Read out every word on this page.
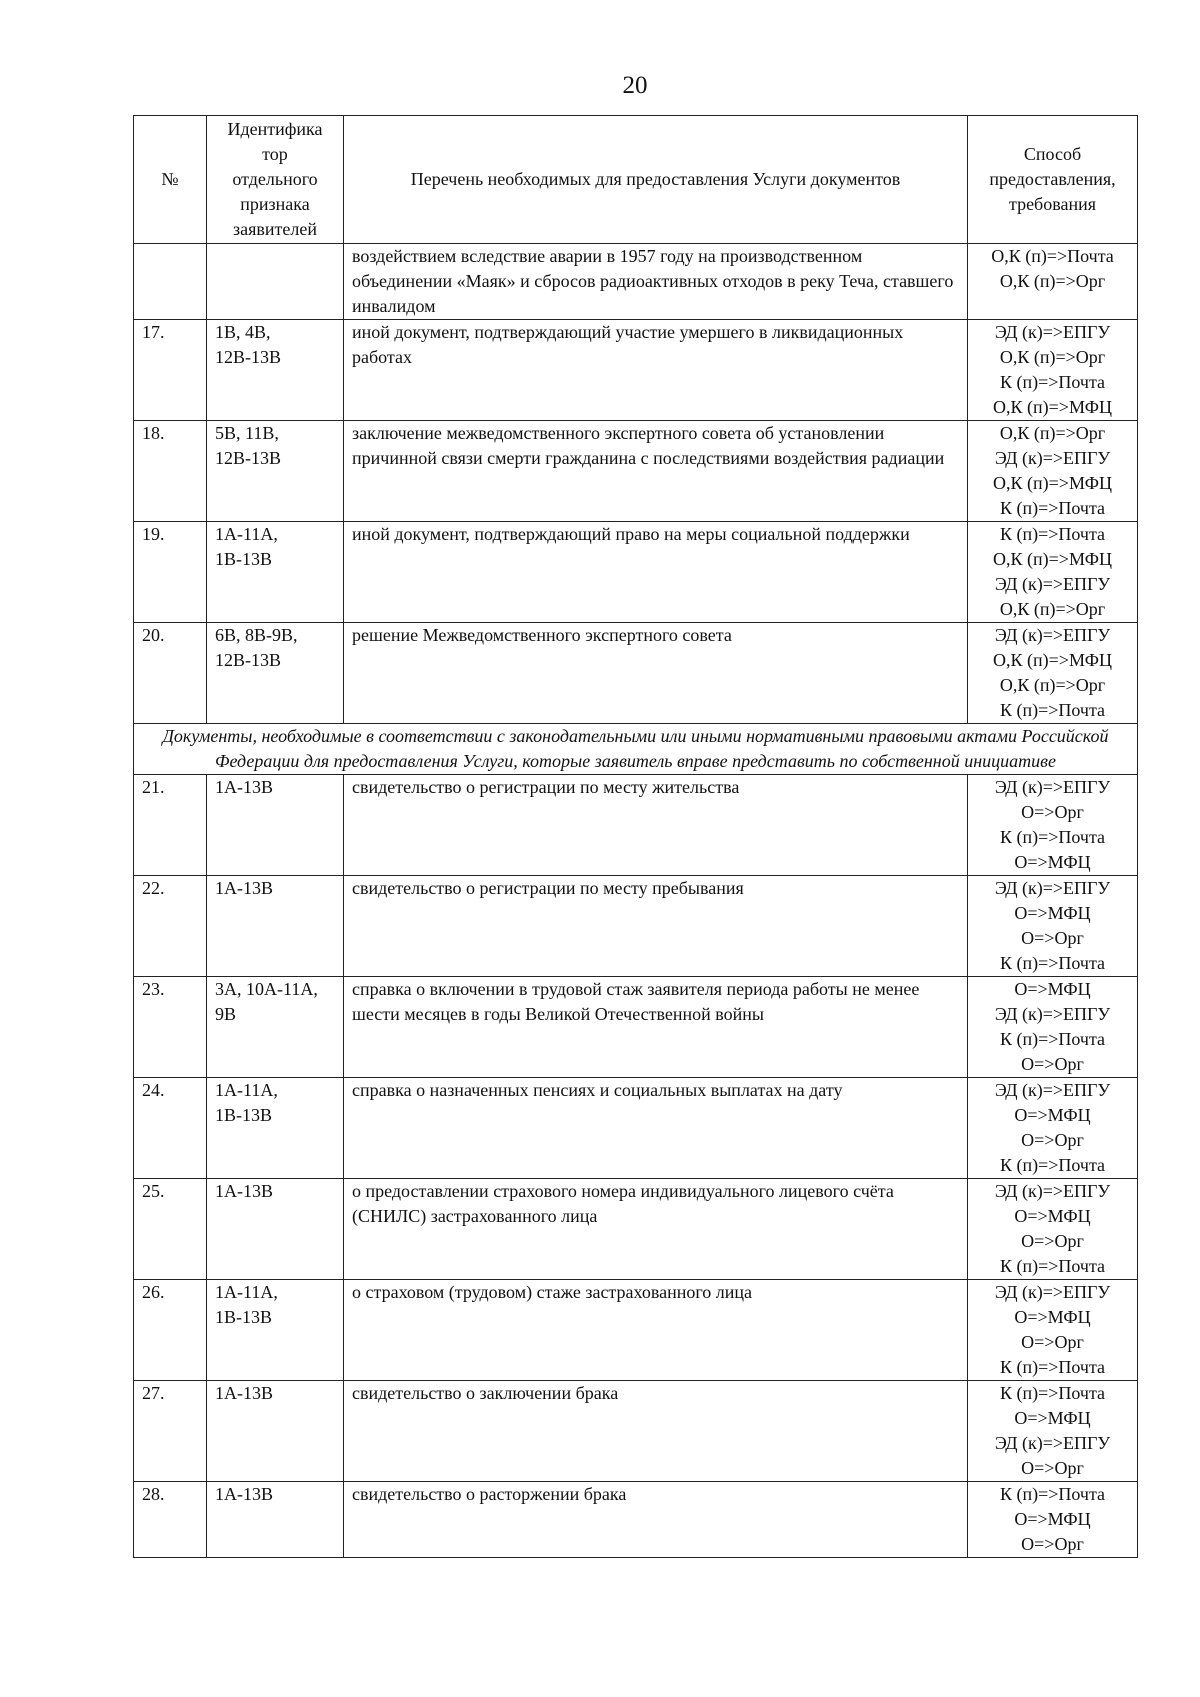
20
№	Идентифика
тор
отдельного
признака
заявителей	Перечень необходимых для предоставления Услуги документов	Способ
предоставления,
требования

		воздействием вследствие аварии в 1957 году на производственном объединении «Маяк» и сбросов радиоактивных отходов в реку Теча, ставшего инвалидом	О,К (п)=>Почта
О,К (п)=>Орг

17.	1В, 4В, 12В-13В	иной документ, подтверждающий участие умершего в ликвидационных работах	ЭД (к)=>ЕПГУ
О,К (п)=>Орг
К (п)=>Почта
О,К (п)=>МФЦ

18.	5В, 11В, 12В-13В	заключение межведомственного экспертного совета об установлении причинной связи смерти гражданина с последствиями воздействия радиации	О,К (п)=>Орг
ЭД (к)=>ЕПГУ
О,К (п)=>МФЦ
К (п)=>Почта

19.	1А-11А, 1В-13В	иной документ, подтверждающий право на меры социальной поддержки	К (п)=>Почта
О,К (п)=>МФЦ
ЭД (к)=>ЕПГУ
О,К (п)=>Орг

20.	6В, 8В-9В, 12В-13В	решение Межведомственного экспертного совета	ЭД (к)=>ЕПГУ
О,К (п)=>МФЦ
О,К (п)=>Орг
К (п)=>Почта

Документы, необходимые в соответствии с законодательными или иными нормативными правовыми актами Российской Федерации для предоставления Услуги, которые заявитель вправе представить по собственной инициативе			
21.	1А-13В	свидетельство о регистрации по месту жительства	ЭД (к)=>ЕПГУ
О=>Орг
К (п)=>Почта
О=>МФЦ

22.	1А-13В	свидетельство о регистрации по месту пребывания	ЭД (к)=>ЕПГУ
О=>МФЦ
О=>Орг
К (п)=>Почта

23.	3А, 10А-11А, 9В	справка о включении в трудовой стаж заявителя периода работы не менее шести месяцев в годы Великой Отечественной войны	О=>МФЦ
ЭД (к)=>ЕПГУ
К (п)=>Почта
О=>Орг

24.	1А-11А, 1В-13В	справка о назначенных пенсиях и социальных выплатах на дату	ЭД (к)=>ЕПГУ
О=>МФЦ
О=>Орг
К (п)=>Почта

25.	1А-13В	о предоставлении страхового номера индивидуального лицевого счёта (СНИЛС) застрахованного лица	ЭД (к)=>ЕПГУ
О=>МФЦ
О=>Орг
К (п)=>Почта

26.	1А-11А, 1В-13В	о страховом (трудовом) стаже застрахованного лица	ЭД (к)=>ЕПГУ
О=>МФЦ
О=>Орг
К (п)=>Почта

27.	1А-13В	свидетельство о заключении брака	К (п)=>Почта
О=>МФЦ
ЭД (к)=>ЕПГУ
О=>Орг

28.	1А-13В	свидетельство о расторжении брака	К (п)=>Почта
О=>МФЦ
О=>Орг
